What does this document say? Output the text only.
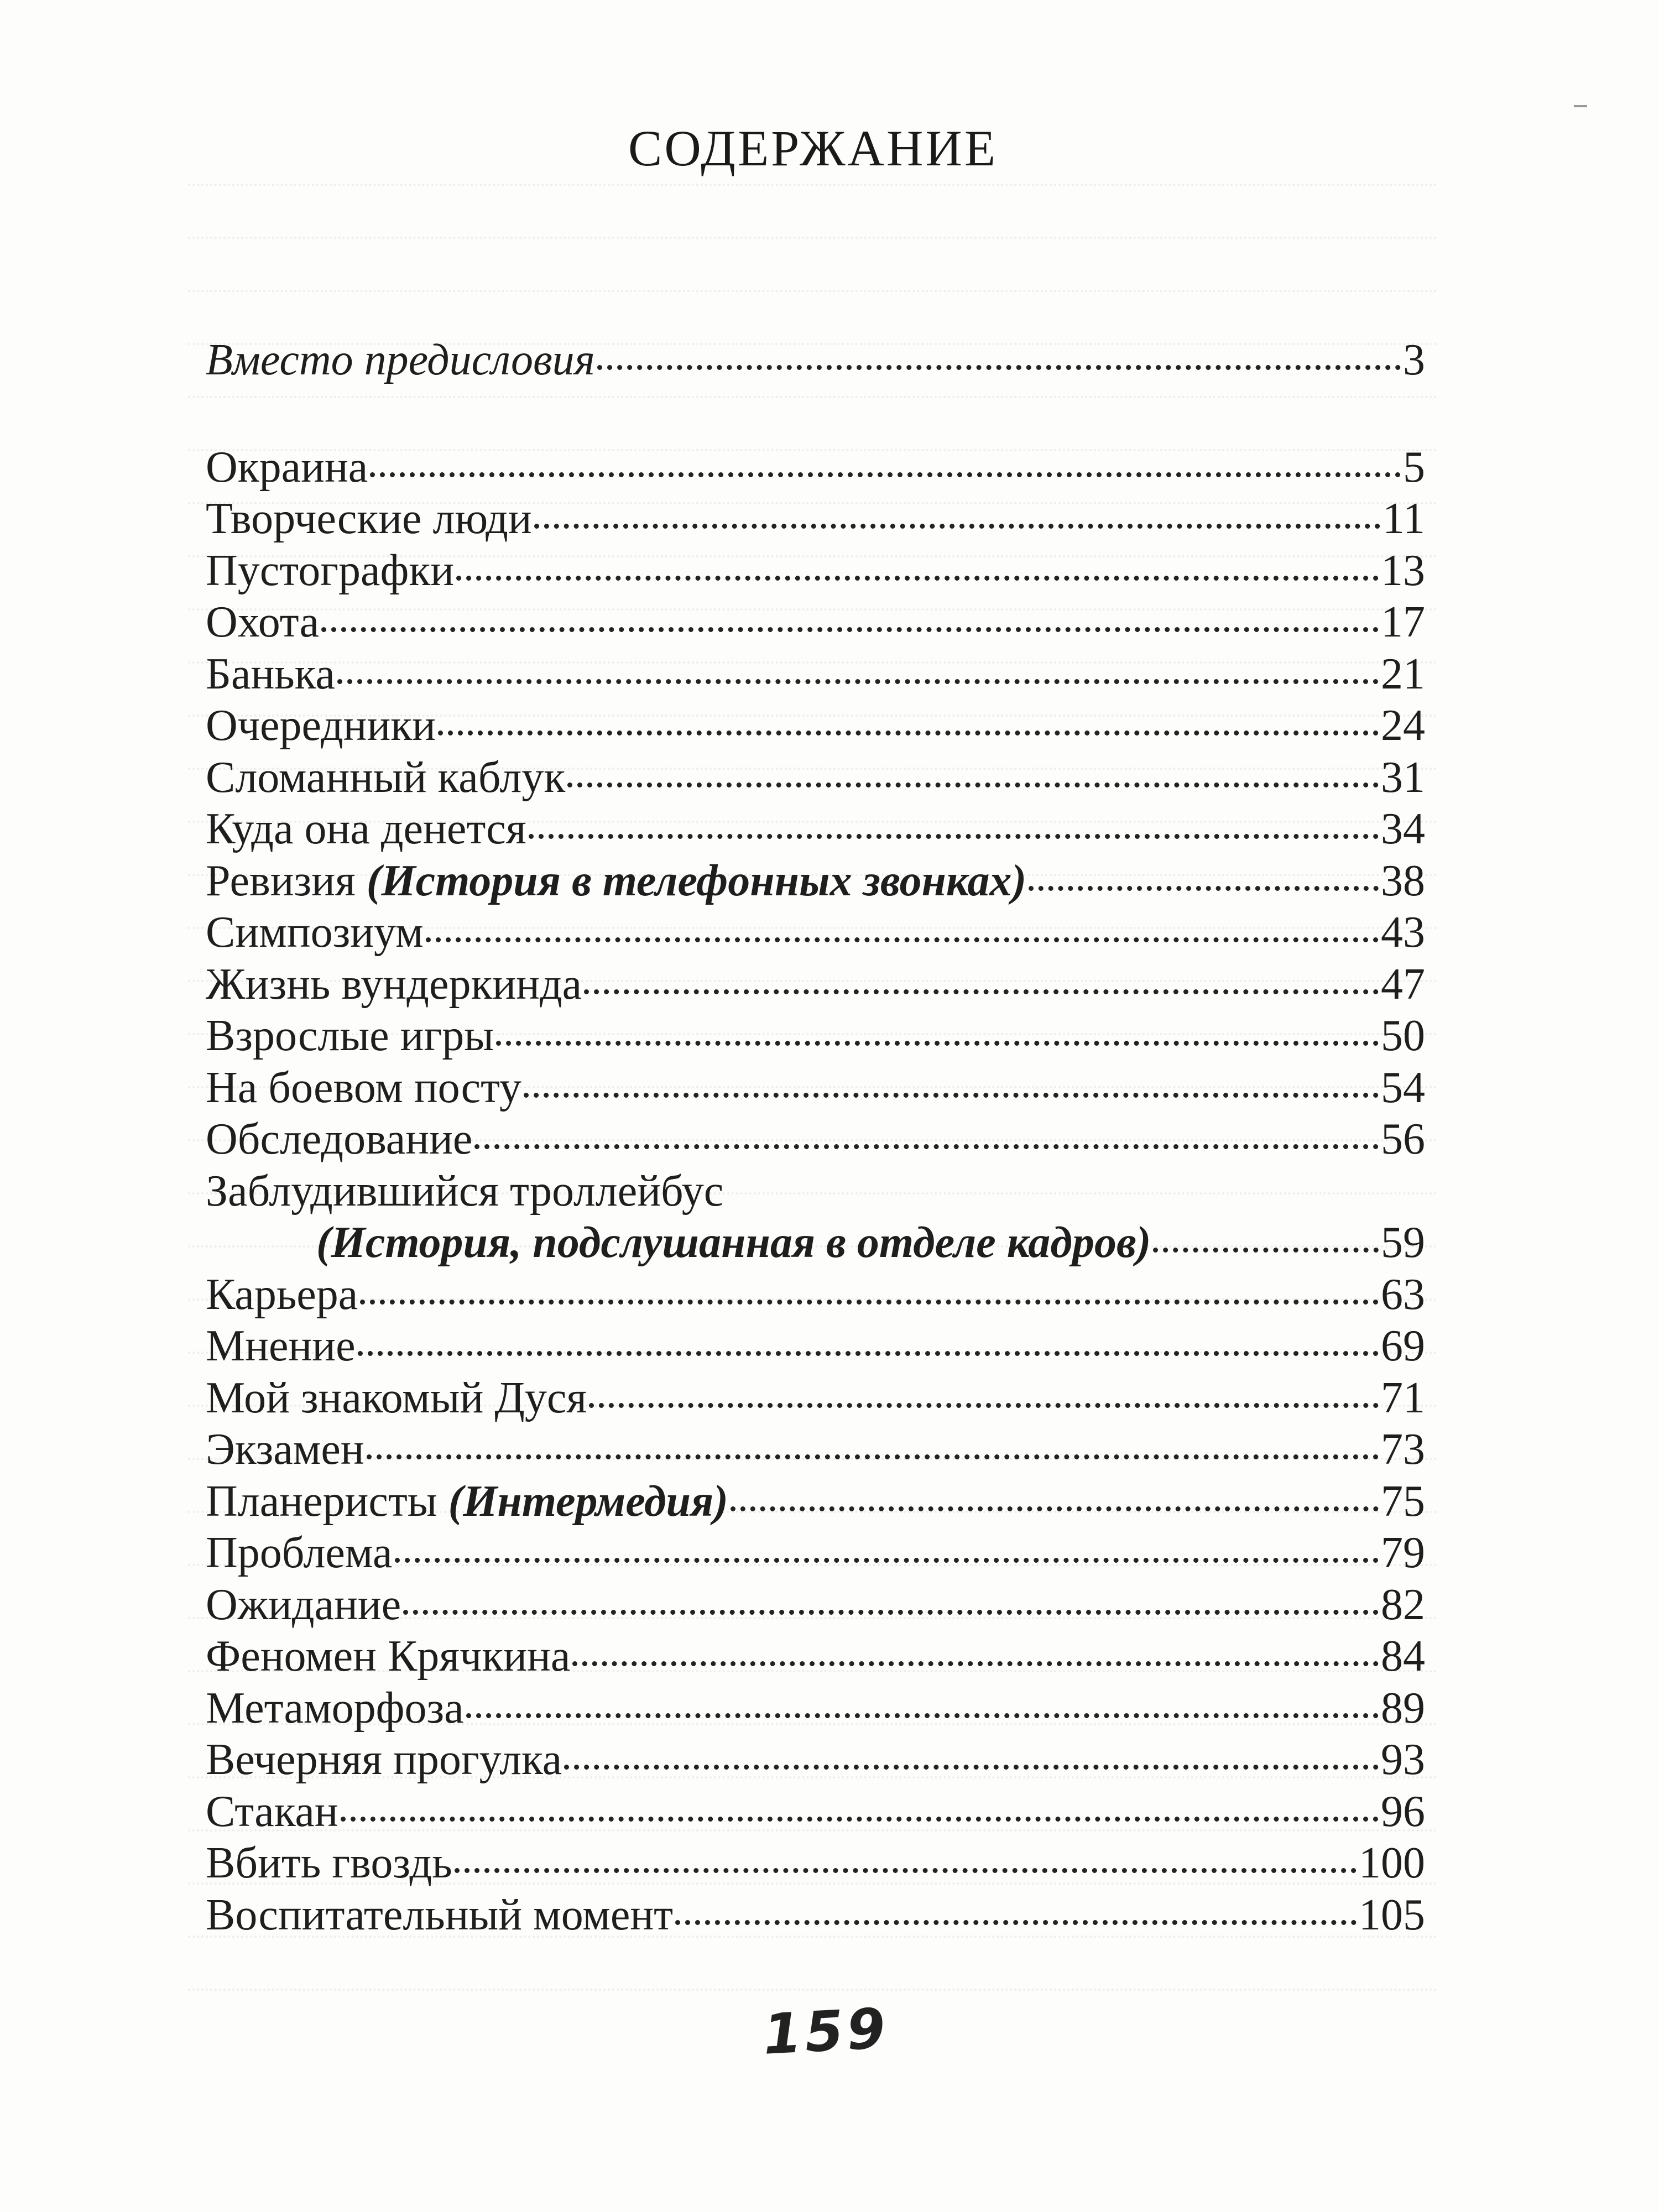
СОДЕРЖАНИЕ
Вместо предисловия	3
Окраина	5
Творческие люди	11
Пустографки	13
Охота	17
Банька	21
Очередники	24
Сломанный каблук	31
Куда она денется	34
Ревизия (История в телефонных звонках)	38
Симпозиум	43
Жизнь вундеркинда	47
Взрослые игры	50
На боевом посту	54
Обследование	56
Заблудившийся троллейбус
(История, подслушанная в отделе кадров)	59
Карьера	63
Мнение	69
Мой знакомый Дуся	71
Экзамен	73
Планеристы (Интермедия)	75
Проблема	79
Ожидание	82
Феномен Крячкина	84
Метаморфоза	89
Вечерняя прогулка	93
Стакан	96
Вбить гвоздь	100
Воспитательный момент	105
159
